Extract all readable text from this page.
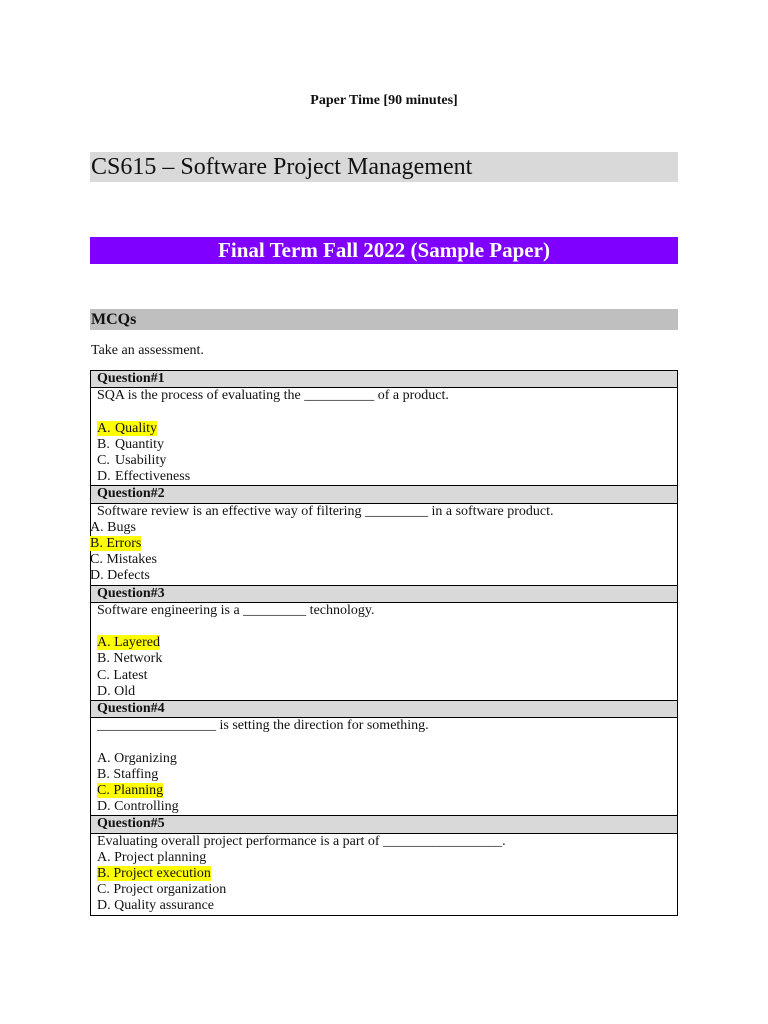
Paper Time [90 minutes]
CS615 – Software Project Management
Final Term Fall 2022 (Sample Paper)
MCQs
Take an assessment.
Question#1
SQA is the process of evaluating the __________ of a product.
A. Quality
B. Quantity
C. Usability
D. Effectiveness
Question#2
Software review is an effective way of filtering _________ in a software product.
A. Bugs
B. Errors
C. Mistakes
D. Defects
Question#3
Software engineering is a _________ technology.
A. Layered
B. Network
C. Latest
D. Old
Question#4
_________________ is setting the direction for something.
A. Organizing
B. Staffing
C. Planning
D. Controlling
Question#5
Evaluating overall project performance is a part of _________________.
A. Project planning
B. Project execution
C. Project organization
D. Quality assurance
